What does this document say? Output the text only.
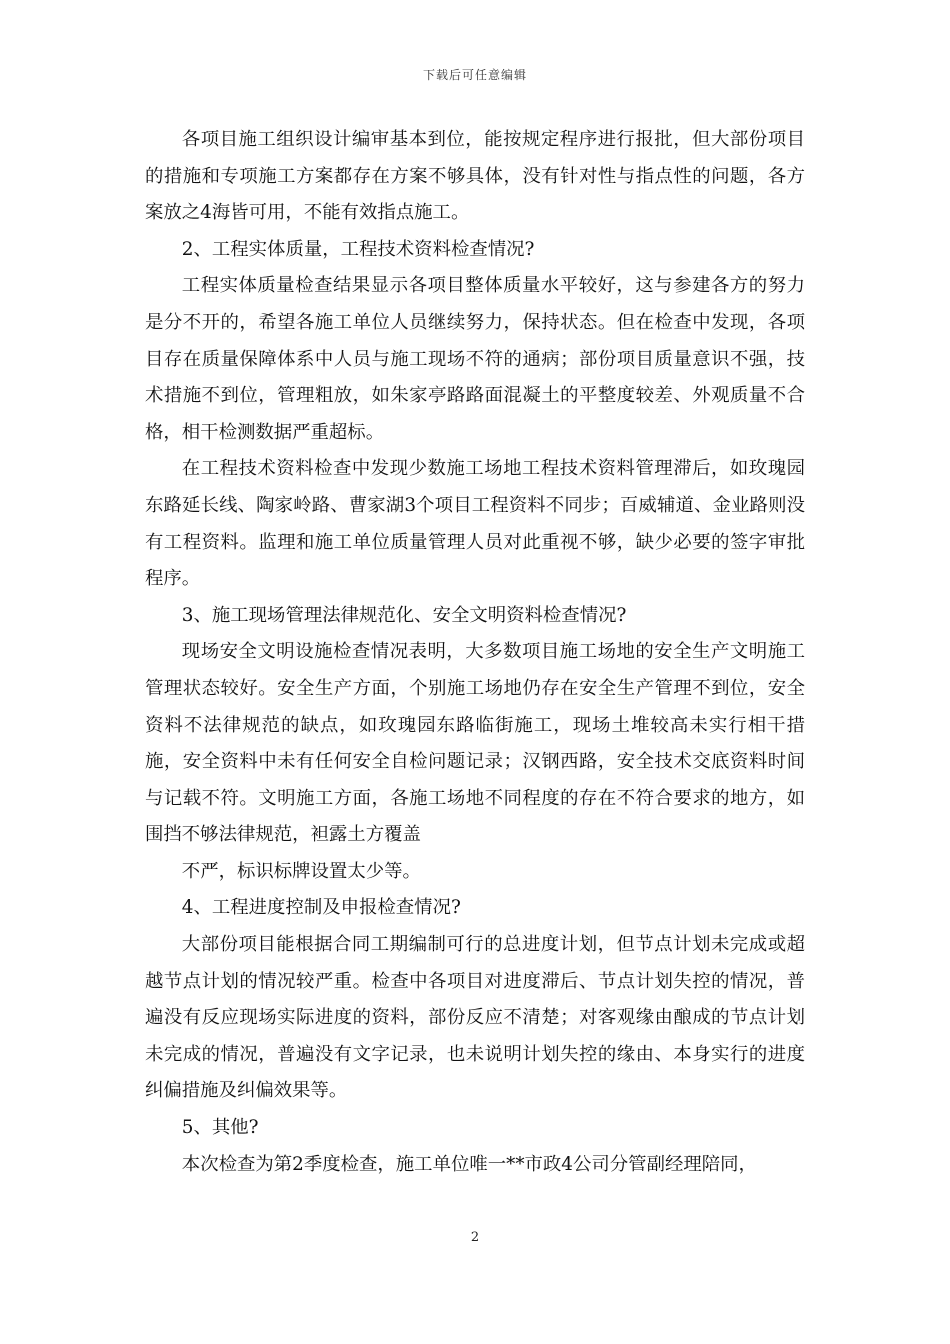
下载后可任意编辑

各项目施工组织设计编审基本到位，能按规定程序进行报批，但大部份项目的措施和专项施工方案都存在方案不够具体，没有针对性与指点性的问题，各方案放之4海皆可用，不能有效指点施工。

2、工程实体质量，工程技术资料检查情况?

工程实体质量检查结果显示各项目整体质量水平较好，这与参建各方的努力是分不开的，希望各施工单位人员继续努力，保持状态。但在检查中发现，各项目存在质量保障体系中人员与施工现场不符的通病；部份项目质量意识不强，技术措施不到位，管理粗放，如朱家亭路路面混凝土的平整度较差、外观质量不合格，相干检测数据严重超标。

在工程技术资料检查中发现少数施工场地工程技术资料管理滞后，如玫瑰园东路延长线、陶家岭路、曹家湖3个项目工程资料不同步；百威辅道、金业路则没有工程资料。监理和施工单位质量管理人员对此重视不够，缺少必要的签字审批程序。

3、施工现场管理法律规范化、安全文明资料检查情况?

现场安全文明设施检查情况表明，大多数项目施工场地的安全生产文明施工管理状态较好。安全生产方面，个别施工场地仍存在安全生产管理不到位，安全资料不法律规范的缺点，如玫瑰园东路临街施工，现场土堆较高未实行相干措施，安全资料中未有任何安全自检问题记录；汉钢西路，安全技术交底资料时间与记载不符。文明施工方面，各施工场地不同程度的存在不符合要求的地方，如围挡不够法律规范，袒露土方覆盖

不严，标识标牌设置太少等。

4、工程进度控制及申报检查情况?

大部份项目能根据合同工期编制可行的总进度计划，但节点计划未完成或超越节点计划的情况较严重。检查中各项目对进度滞后、节点计划失控的情况，普遍没有反应现场实际进度的资料，部份反应不清楚；对客观缘由酿成的节点计划未完成的情况，普遍没有文字记录，也未说明计划失控的缘由、本身实行的进度纠偏措施及纠偏效果等。

5、其他?

本次检查为第2季度检查，施工单位唯一**市政4公司分管副经理陪同，

2
